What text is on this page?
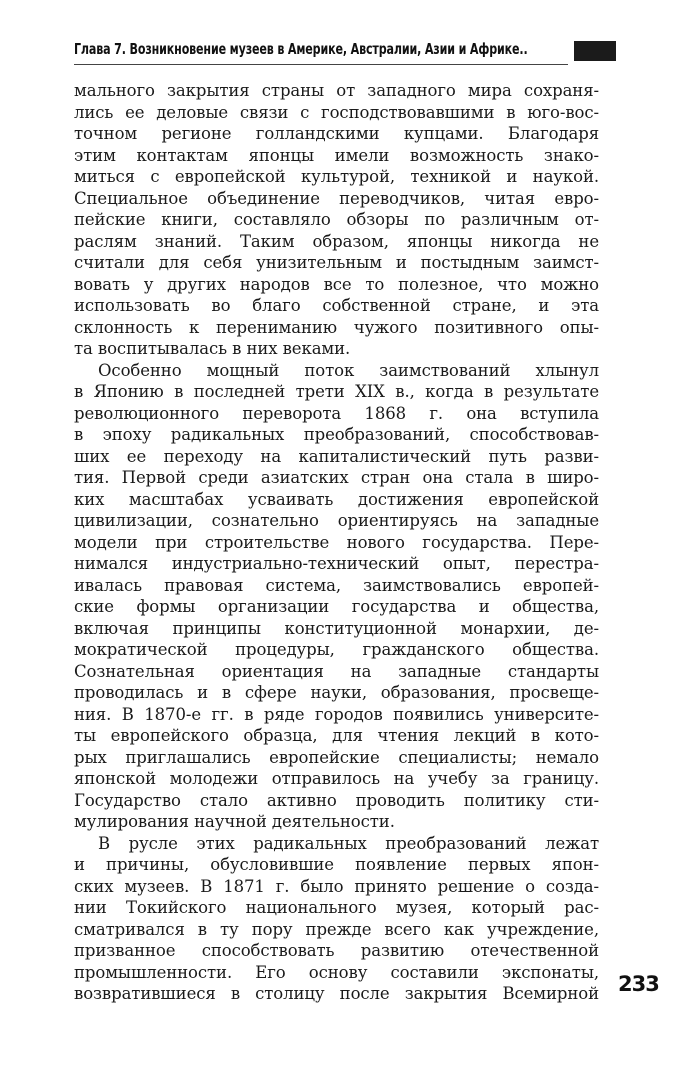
Глава 7. Возникновение музеев в Америке, Австралии, Азии и Африке..
мального закрытия страны от западного мира сохраня-
лись ее деловые связи с господствовавшими в юго-вос-
точном регионе голландскими купцами. Благодаря
этим контактам японцы имели возможность знако-
миться с европейской культурой, техникой и наукой.
Специальное объединение переводчиков, читая евро-
пейские книги, составляло обзоры по различным от-
раслям знаний. Таким образом, японцы никогда не
считали для себя унизительным и постыдным заимст-
вовать у других народов все то полезное, что можно
использовать во благо собственной стране, и эта
склонность к перениманию чужого позитивного опы-
та воспитывалась в них веками.
Особенно мощный поток заимствований хлынул
в Японию в последней трети XIX в., когда в результате
революционного переворота 1868 г. она вступила
в эпоху радикальных преобразований, способствовав-
ших ее переходу на капиталистический путь разви-
тия. Первой среди азиатских стран она стала в широ-
ких масштабах усваивать достижения европейской
цивилизации, сознательно ориентируясь на западные
модели при строительстве нового государства. Пере-
нимался индустриально-технический опыт, перестра-
ивалась правовая система, заимствовались европей-
ские формы организации государства и общества,
включая принципы конституционной монархии, де-
мократической процедуры, гражданского общества.
Сознательная ориентация на западные стандарты
проводилась и в сфере науки, образования, просвеще-
ния. В 1870-е гг. в ряде городов появились университе-
ты европейского образца, для чтения лекций в кото-
рых приглашались европейские специалисты; немало
японской молодежи отправилось на учебу за границу.
Государство стало активно проводить политику сти-
мулирования научной деятельности.
В русле этих радикальных преобразований лежат
и причины, обусловившие появление первых япон-
ских музеев. В 1871 г. было принято решение о созда-
нии Токийского национального музея, который рас-
сматривался в ту пору прежде всего как учреждение,
призванное способствовать развитию отечественной
промышленности. Его основу составили экспонаты,
возвратившиеся в столицу после закрытия Всемирной 233
